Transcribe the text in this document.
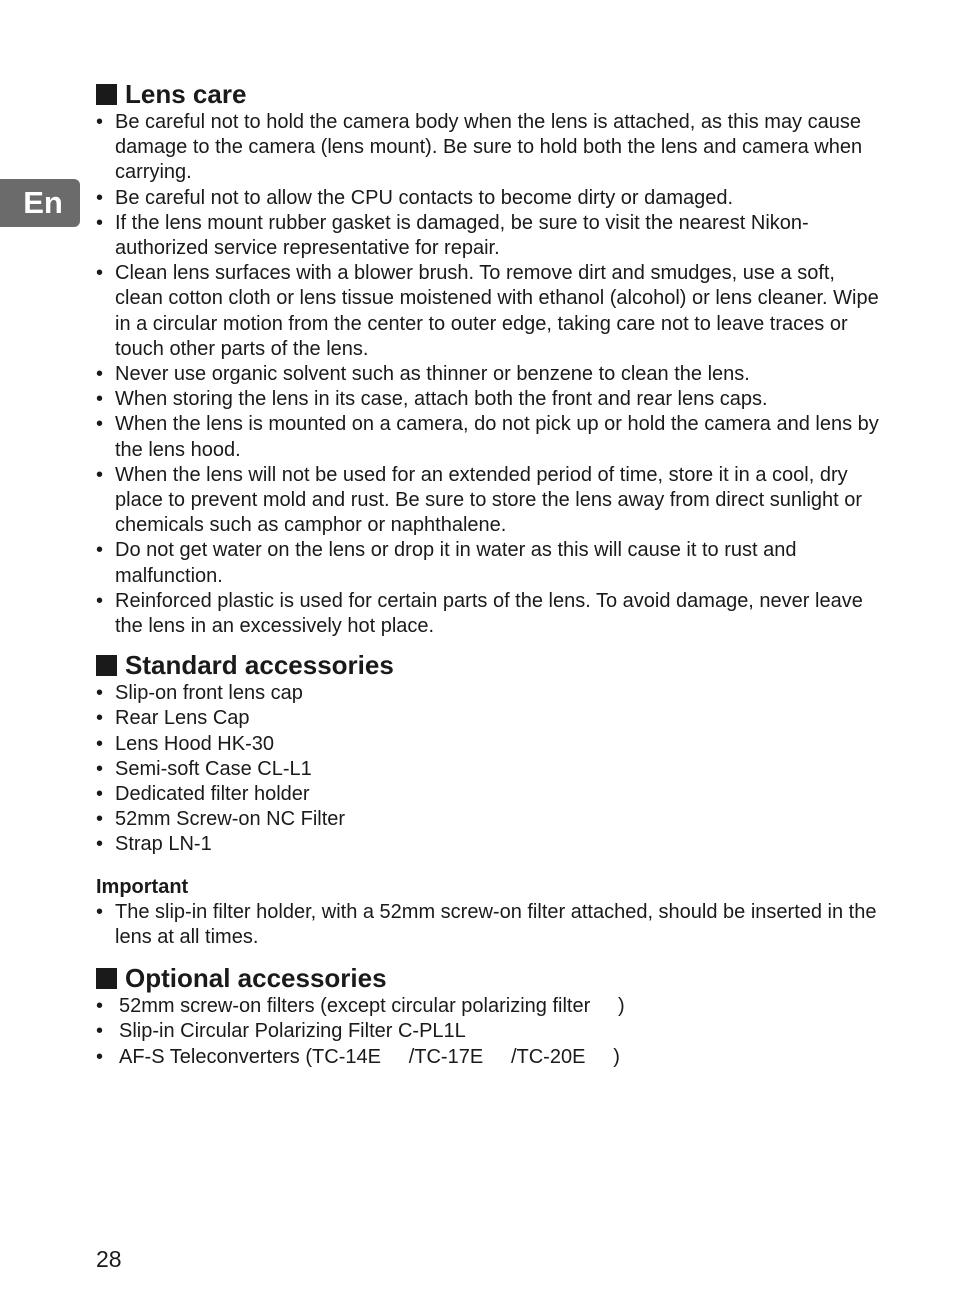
En
Lens care
• Be careful not to hold the camera body when the lens is attached, as this may cause damage to the camera (lens mount). Be sure to hold both the lens and camera when carrying.
• Be careful not to allow the CPU contacts to become dirty or damaged.
• If the lens mount rubber gasket is damaged, be sure to visit the nearest Nikon-authorized service representative for repair.
• Clean lens surfaces with a blower brush. To remove dirt and smudges, use a soft, clean cotton cloth or lens tissue moistened with ethanol (alcohol) or lens cleaner. Wipe in a circular motion from the center to outer edge, taking care not to leave traces or touch other parts of the lens.
• Never use organic solvent such as thinner or benzene to clean the lens.
• When storing the lens in its case, attach both the front and rear lens caps.
• When the lens is mounted on a camera, do not pick up or hold the camera and lens by the lens hood.
• When the lens will not be used for an extended period of time, store it in a cool, dry place to prevent mold and rust. Be sure to store the lens away from direct sunlight or chemicals such as camphor or naphthalene.
• Do not get water on the lens or drop it in water as this will cause it to rust and malfunction.
• Reinforced plastic is used for certain parts of the lens. To avoid damage, never leave the lens in an excessively hot place.
Standard accessories
• Slip-on front lens cap
• Rear Lens Cap
• Lens Hood HK-30
• Semi-soft Case CL-L1
• Dedicated filter holder
• 52mm Screw-on NC Filter
• Strap LN-1
Important
• The slip-in filter holder, with a 52mm screw-on filter attached, should be inserted in the lens at all times.
Optional accessories
• 52mm screw-on filters (except circular polarizing filter     )
• Slip-in Circular Polarizing Filter C-PL1L
• AF-S Teleconverters (TC-14E     /TC-17E     /TC-20E     )
28
